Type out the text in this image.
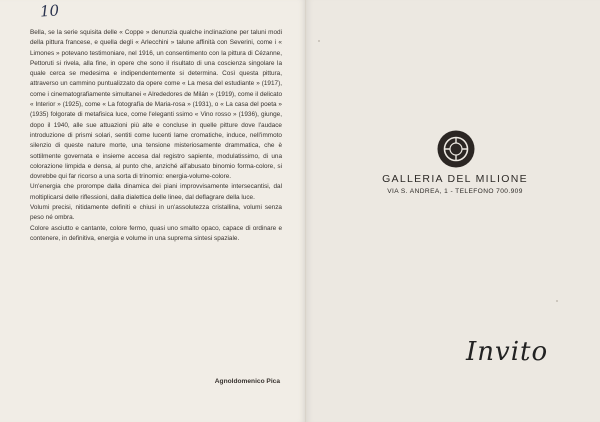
10

Bella, se la serie squisita delle « Coppe » denunzia qualche inclinazione per taluni modi della pittura francese, e quella degli « Arlecchini » talune affinità con Severini, come i « Limones » potevano testimoniare, nel 1916, un consentimento con la pittura di Cézanne, Pettoruti si rivela, alla fine, in opere che sono il risultato di una coscienza singolare la quale cerca se medesima e indipendentemente si determina. Così questa pittura, attraverso un cammino puntualizzato da opere come « La mesa del estudiante » (1917), come i cinematografiamente simultanei « Alrededores de Milán » (1919), come il delicato « Interior » (1925), come « La fotografía de Maria-rosa » (1931), o « La casa del poeta » (1935) folgorate di metafisica luce, come l'eleganti ssimo « Vino rosso » (1936), giunge, dopo il 1940, alle sue attuazioni più alte e concluse in quelle pitture dove l'audace introduzione di prismi solari, sentiti come lucenti lame cromatiche, induce, nell'immoto silenzio di queste nature morte, una tensione misteriosamente drammatica, che è sottilmente governata e insieme accesa dal registro sapiente, modulatissimo, di una colorazione limpida e densa, al punto che, anziché all'abusato binomio forma-colore, si dovrebbe qui far ricorso a una sorta di trinomio: energia-volume-colore.

Un'energia che prorompe dalla dinamica dei piani improvvisamente intersecantisi, dal moltiplicarsi delle riflessioni, dalla dialettica delle linee, dal deflagrare della luce.

Volumi precisi, nitidamente definiti e chiusi in un'assolutezza cristallina, volumi senza peso né ombra.

Colore asciutto e cantante, colore fermo, quasi uno smalto opaco, capace di ordinare e contenere, in definitiva, energia e volume in una suprema sintesi spaziale.

Agnoldomenico Pica
GALLERIA DEL MILIONE
VIA S. ANDREA, 1 - TELEFONO 700.909
Invito
